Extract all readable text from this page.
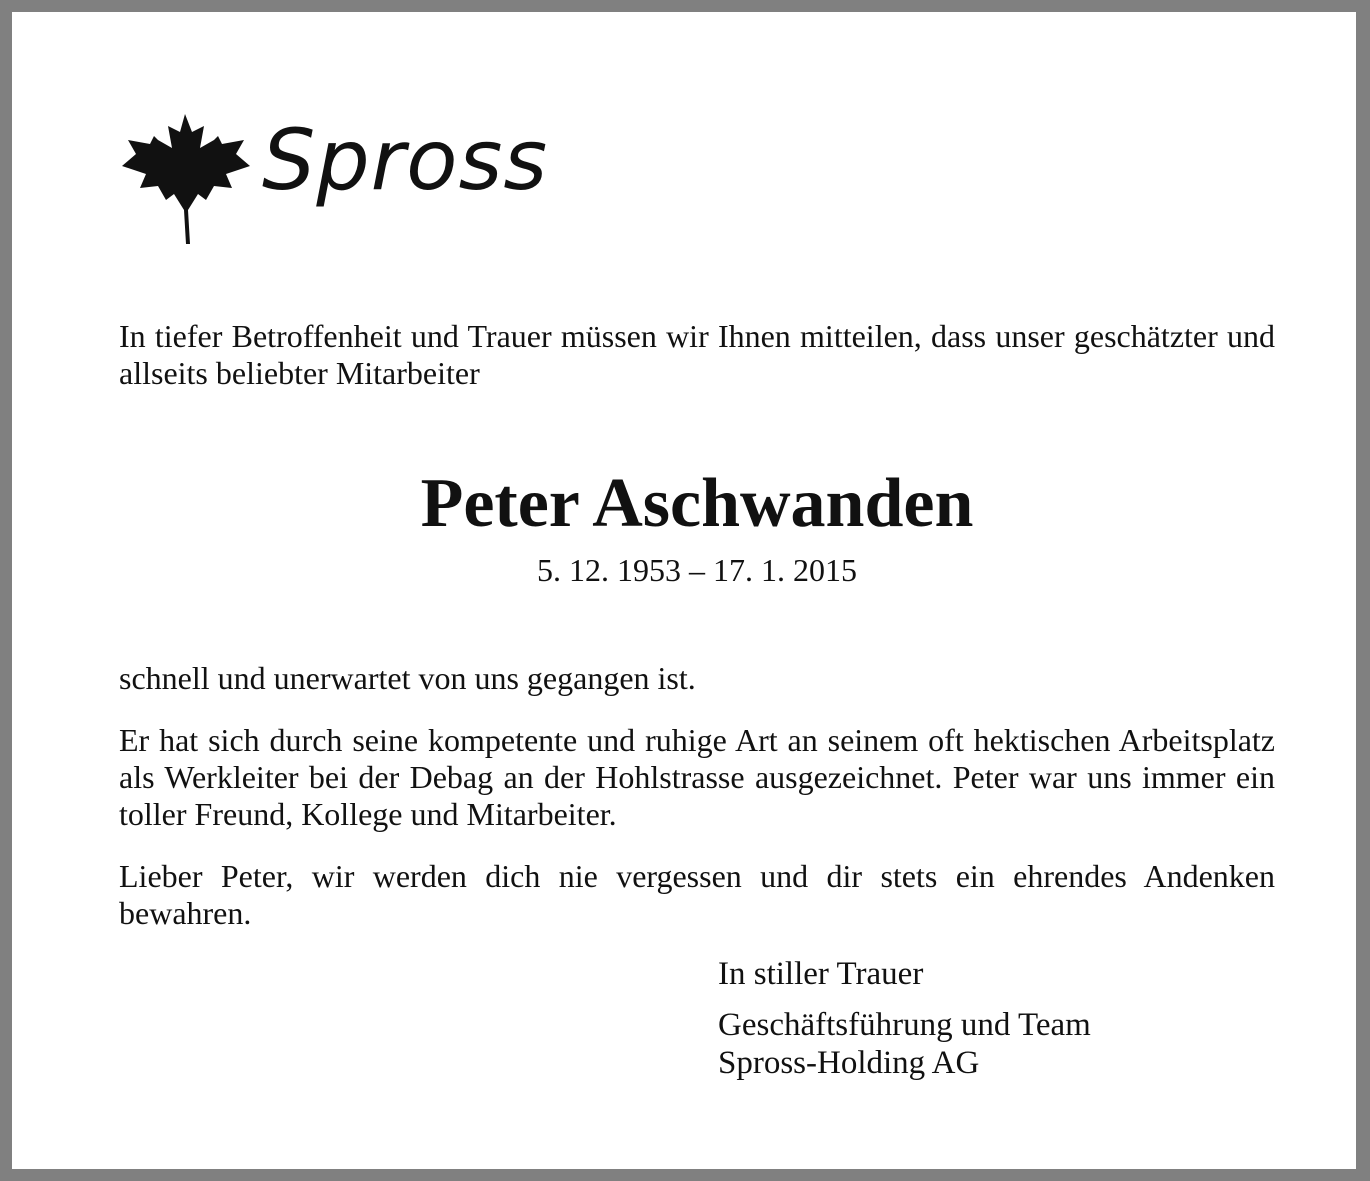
Spross
In tiefer Betroffenheit und Trauer müssen wir Ihnen mitteilen, dass unser geschätzter und allseits beliebter Mitarbeiter
Peter Aschwanden
5. 12. 1953 – 17. 1. 2015
schnell und unerwartet von uns gegangen ist.
Er hat sich durch seine kompetente und ruhige Art an seinem oft hektischen Arbeitsplatz als Werkleiter bei der Debag an der Hohlstrasse ausgezeichnet. Peter war uns immer ein toller Freund, Kollege und Mitarbeiter.
Lieber Peter, wir werden dich nie vergessen und dir stets ein ehrendes Andenken bewahren.
In stiller Trauer
Geschäftsführung und Team
Spross-Holding AG
